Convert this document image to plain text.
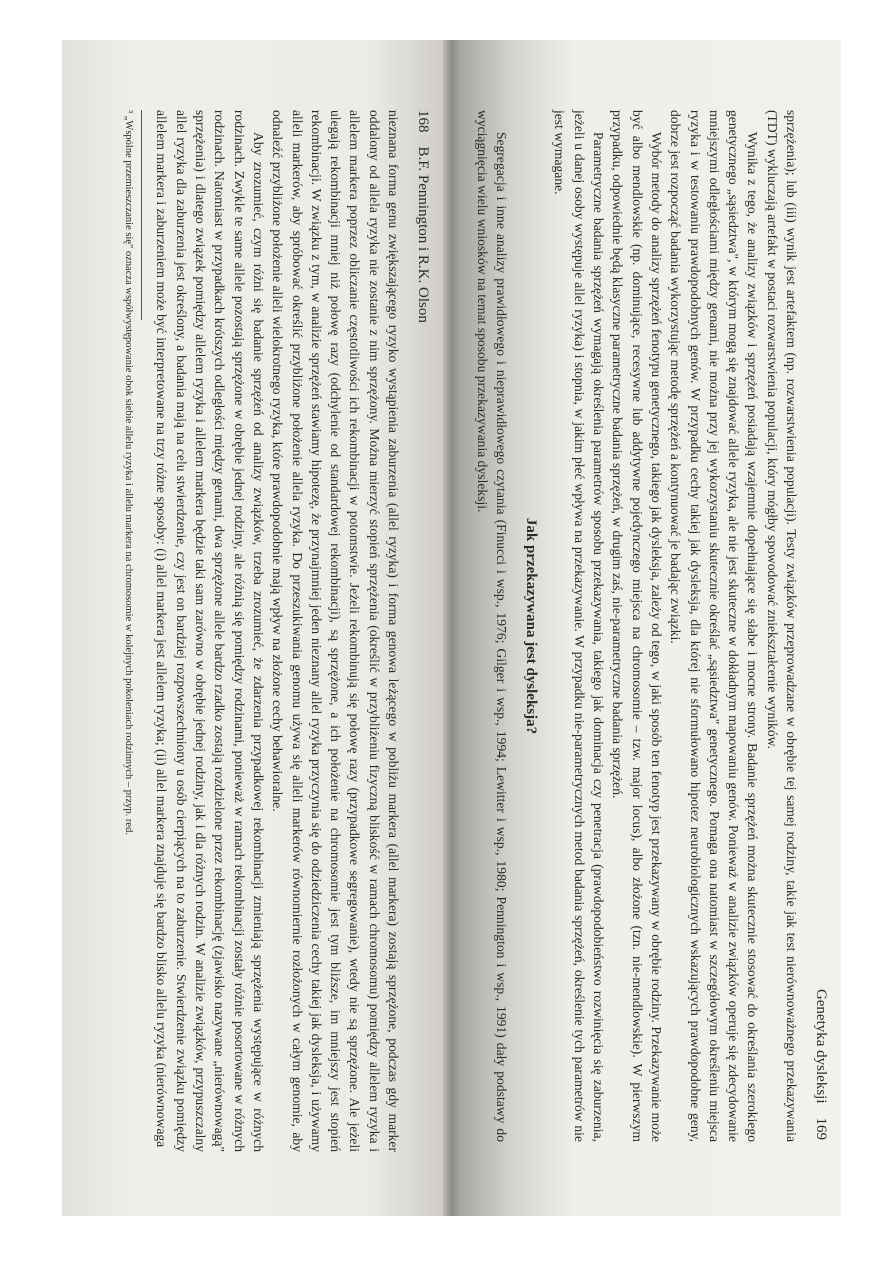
168
B.F. Pennington i R.K. Olson

nieznana forma genu zwiększającego ryzyko wystąpienia zaburzenia (allel ryzyka) i forma genowa leżącego w pobliżu markera (allel markera) zostają sprzężone, podczas gdy marker oddalony od allela ryzyka nie zostanie z nim sprzężony. Można mierzyć stopień sprzężenia (określić w przybliżeniu fizyczną bliskość w ramach chromosomu) pomiędzy allelem ryzyka i allelem markera poprzez obliczanie częstotliwości ich rekombinacji w potomstwie. Jeżeli rekombinują się połowę razy (przypadkowe segregowanie), wtedy nie są sprzężone. Ale jeżeli ulegają rekombinacji mniej niż połowę razy (odchylenie od standardowej rekombinacji), są sprzężone, a ich położenie na chromosomie jest tym bliższe, im mniejszy jest stopień rekombinacji. W związku z tym, w analizie sprzężeń stawiamy hipotezę, że przynajmniej jeden nieznany allel ryzyka przyczynia się do odziedziczenia cechy takiej jak dysleksja, i używamy alleli markerów, aby spróbować określić przybliżone położenie allela ryzyka. Do przeszukiwania genomu używa się alleli markerów równomiernie rozłożonych w całym genomie, aby odnaleźć przybliżone położenie alleli wielokrotnego ryzyka, które prawdopodobnie mają wpływ na złożone cechy behawioralne.

Aby zrozumieć, czym różni się badanie sprzężeń od analizy związków, trzeba zrozumieć, że zdarzenia przypadkowej rekombinacji zmieniają sprzężenia występujące w różnych rodzinach. Zwykle te same allele pozostają sprzężone w obrębie jednej rodziny, ale różnią się pomiędzy rodzinami, ponieważ w ramach rekombinacji zostały różnie posortowane w różnych rodzinach. Natomiast w przypadkach krótszych odległości między genami, dwa sprzężone allele bardzo rzadko zostają rozdzielone przez rekombinację (zjawisko nazywane „nierównowagą" sprzężenia) i dlatego związek pomiędzy allelem ryzyka i allelem markera będzie taki sam zarówno w obrębie jednej rodziny, jak i dla różnych rodzin. W analizie związków, przypuszczalny allel ryzyka dla zaburzenia jest określony, a badania mają na celu stwierdzenie, czy jest on bardziej rozpowszechniony u osób cierpiących na to zaburzenie. Stwierdzenie związku pomiędzy allelem markera i zaburzeniem może być interpretowane na trzy różne sposoby: (i) allel markera jest allelem ryzyka; (ii) allel markera znajduje się bardzo blisko allelu ryzyka (nierównowaga

³ „Wspólne przemieszczanie się" oznacza współwystępowanie obok siebie allelu ryzyka i allelu markera na chromosomie w kolejnych pokoleniach rodzinnych – przyp. red.
Genetyka dysleksji
169

sprzężenia); lub (iii) wynik jest artefaktem (np. rozwarstwienia populacji). Testy związków przeprowadzane w obrębie tej samej rodziny, takie jak test nierównoważnego przekazywania (TDT) wykluczają artefakt w postaci rozwarstwienia populacji, który mógłby spowodować zniekształcenie wyników.

Wynika z tego, że analizy związków i sprzężeń posiadają wzajemnie dopełniające się słabe i mocne strony. Badanie sprzężeń można skutecznie stosować do określania szerokiego genetycznego „sąsiedztwa", w którym mogą się znajdować allele ryzyka, ale nie jest skuteczne w dokładnym mapowaniu genów. Ponieważ w analizie związków operuje się zdecydowanie mniejszymi odległościami między genami, nie można przy jej wykorzystaniu skutecznie określać „sąsiedztwa" genetycznego. Pomaga ona natomiast w szczegółowym określeniu miejsca ryzyka i w testowaniu prawdopodobnych genów. W przypadku cechy takiej jak dysleksja, dla której nie sformułowano hipotez neurobiologicznych wskazujących prawdopodobne geny, dobrze jest rozpocząć badania wykorzystując metodę sprzężeń a kontynuować je badając związki.

Wybór metody do analizy sprzężeń fenotypu genetycznego, takiego jak dysleksja, zależy od tego, w jaki sposób ten fenotyp jest przekazywany w obrębie rodziny. Przekazywanie może być albo mendlowskie (np. dominujące, recesywne lub addytywne pojedynczego miejsca na chromosomie – tzw. major locus), albo złożone (tzn. nie-mendlowskie). W pierwszym przypadku, odpowiednie będą klasyczne parametryczne badania sprzężeń, w drugim zaś, nie-parametryczne badania sprzężeń.

Parametryczne badania sprzężeń wymagają określenia parametrów sposobu przekazywania, takiego jak dominacja czy penetracja (prawdopodobieństwo rozwinięcia się zaburzenia, jeżeli u danej osoby występuje allel ryzyka) i stopnia, w jakim płeć wpływa na przekazywanie. W przypadku nie-parametrycznych metod badania sprzężeń, określenie tych parametrów nie jest wymagane.

Jak przekazywana jest dysleksja?

Segregacja i inne analizy prawidłowego i nieprawidłowego czytania (Finucci i wsp., 1976; Gilger i wsp., 1994; Lewitter i wsp., 1980; Pennington i wsp., 1991) dały podstawy do wyciągnięcia wielu wniosków na temat sposobu przekazywania dysleksji.
